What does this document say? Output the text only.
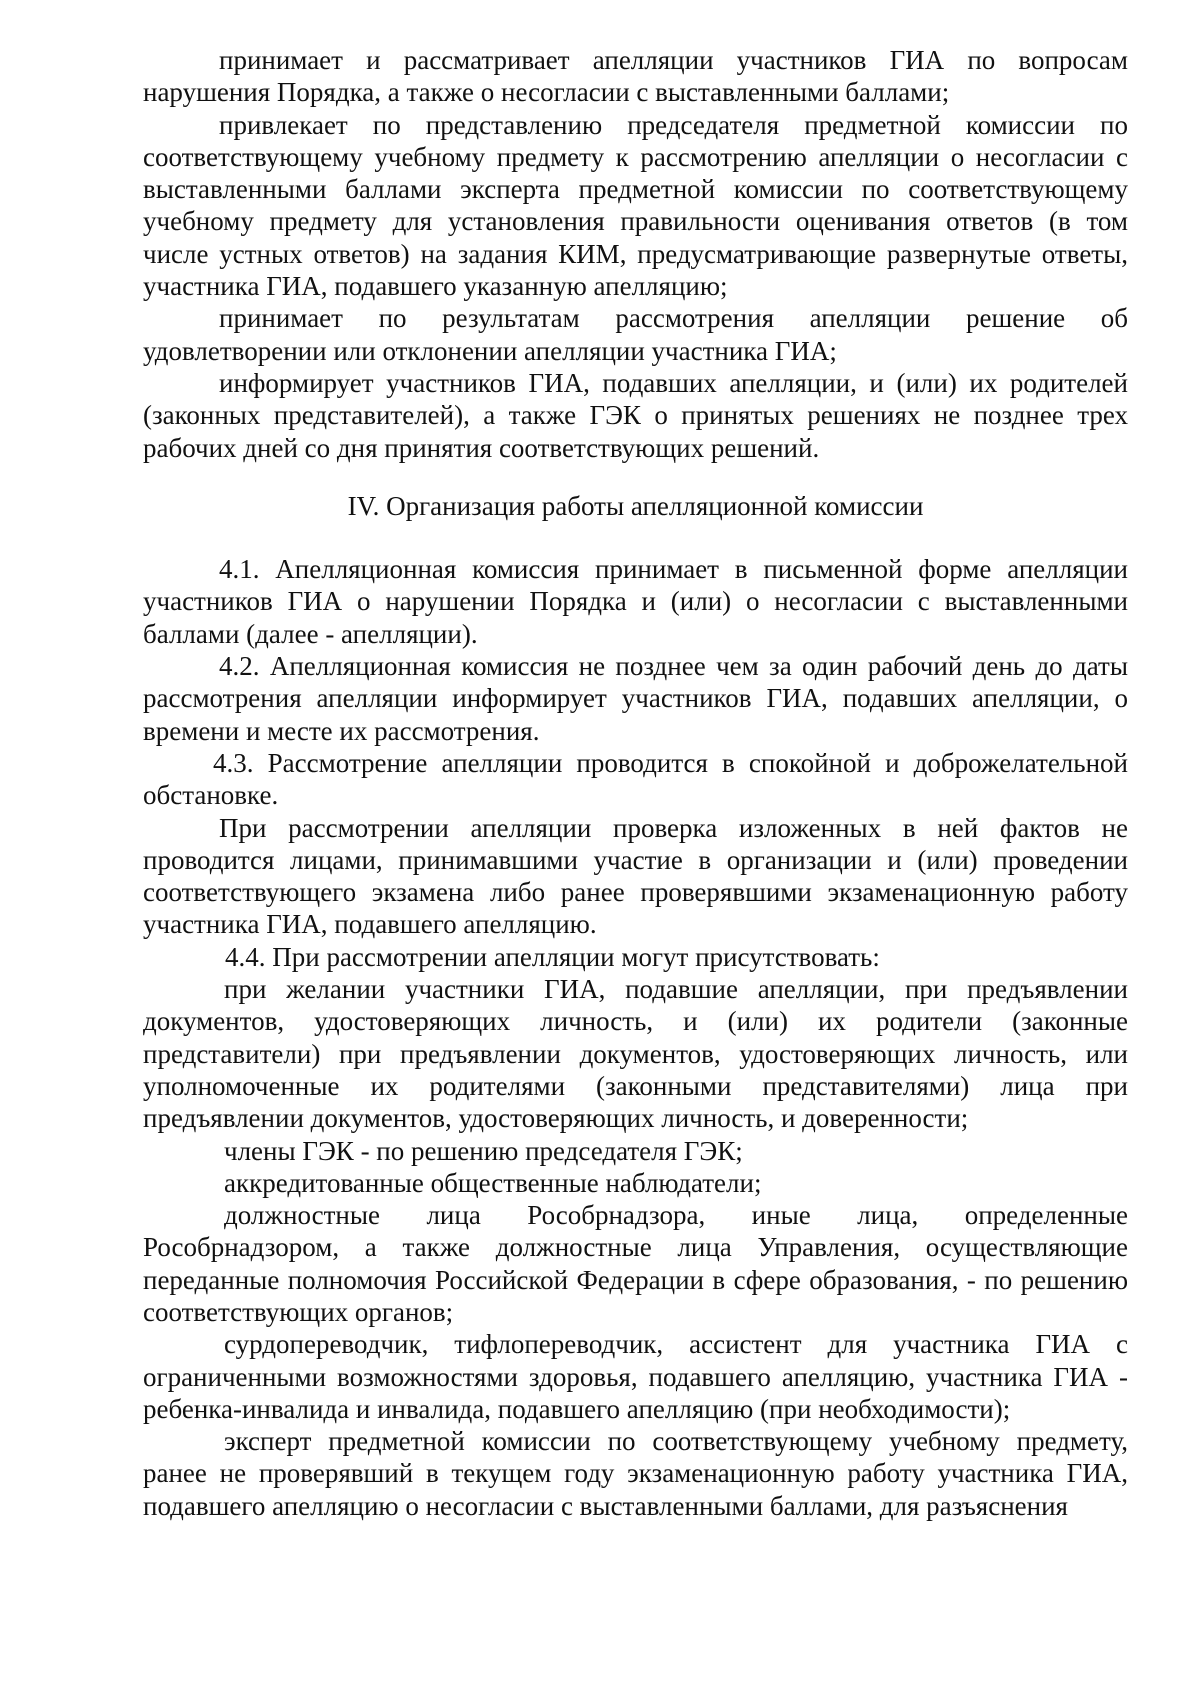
принимает и рассматривает апелляции участников ГИА по вопросам нарушения Порядка, а также о несогласии с выставленными баллами;

привлекает по представлению председателя предметной комиссии по соответствующему учебному предмету к рассмотрению апелляции о несогласии с выставленными баллами эксперта предметной комиссии по соответствующему учебному предмету для установления правильности оценивания ответов (в том числе устных ответов) на задания КИМ, предусматривающие развернутые ответы, участника ГИА, подавшего указанную апелляцию;

принимает по результатам рассмотрения апелляции решение об удовлетворении или отклонении апелляции участника ГИА;

информирует участников ГИА, подавших апелляции, и (или) их родителей (законных представителей), а также ГЭК о принятых решениях не позднее трех рабочих дней со дня принятия соответствующих решений.

IV. Организация работы апелляционной комиссии

4.1. Апелляционная комиссия принимает в письменной форме апелляции участников ГИА о нарушении Порядка и (или) о несогласии с выставленными баллами (далее - апелляции).

4.2. Апелляционная комиссия не позднее чем за один рабочий день до даты рассмотрения апелляции информирует участников ГИА, подавших апелляции, о времени и месте их рассмотрения.

4.3. Рассмотрение апелляции проводится в спокойной и доброжелательной обстановке.

При рассмотрении апелляции проверка изложенных в ней фактов не проводится лицами, принимавшими участие в организации и (или) проведении соответствующего экзамена либо ранее проверявшими экзаменационную работу участника ГИА, подавшего апелляцию.

4.4. При рассмотрении апелляции могут присутствовать:

при желании участники ГИА, подавшие апелляции, при предъявлении документов, удостоверяющих личность, и (или) их родители (законные представители) при предъявлении документов, удостоверяющих личность, или уполномоченные их родителями (законными представителями) лица при предъявлении документов, удостоверяющих личность, и доверенности;

члены ГЭК - по решению председателя ГЭК;

аккредитованные общественные наблюдатели;

должностные лица Рособрнадзора, иные лица, определенные Рособрнадзором, а также должностные лица Управления, осуществляющие переданные полномочия Российской Федерации в сфере образования, - по решению соответствующих органов;

сурдопереводчик, тифлопереводчик, ассистент для участника ГИА с ограниченными возможностями здоровья, подавшего апелляцию, участника ГИА - ребенка-инвалида и инвалида, подавшего апелляцию (при необходимости);

эксперт предметной комиссии по соответствующему учебному предмету, ранее не проверявший в текущем году экзаменационную работу участника ГИА, подавшего апелляцию о несогласии с выставленными баллами, для разъяснения
